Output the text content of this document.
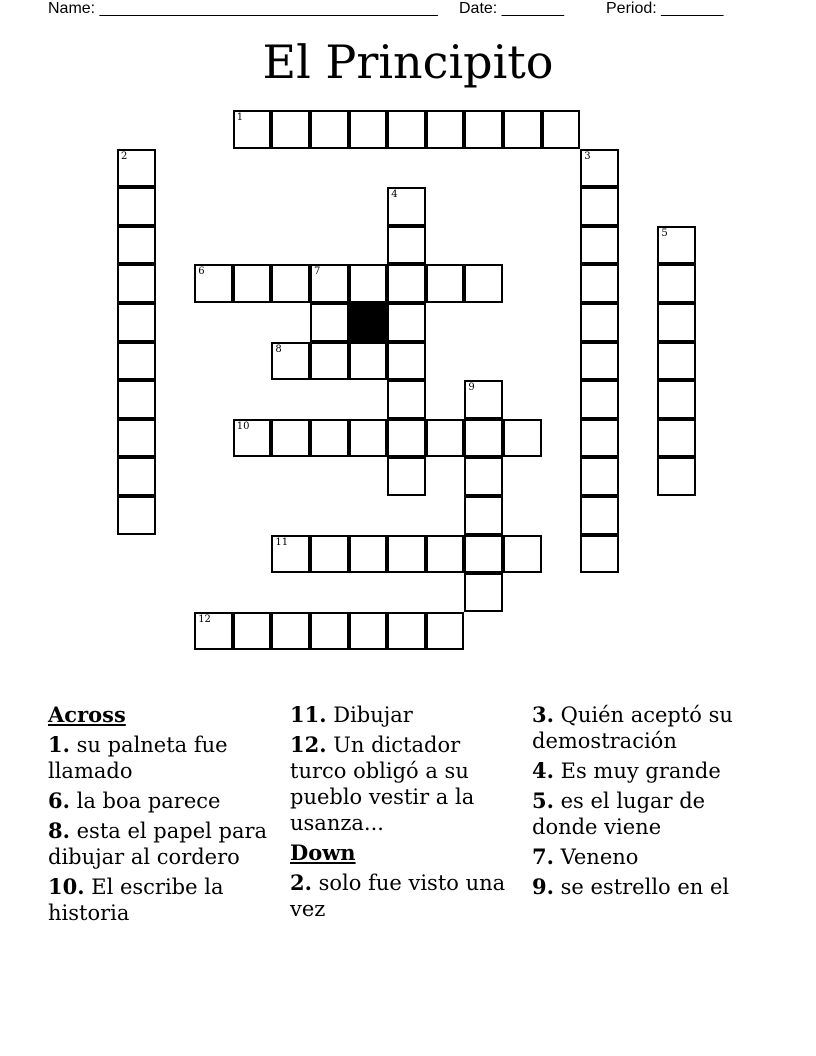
Name: ______________________________________ Date: _______	Period: _______
El Principito
1
2	3
4
5
6	7
8
9
10
11
12
Across
1. su palneta fue llamado
6. la boa parece
8. esta el papel para dibujar al cordero
10. El escribe la historia
11. Dibujar
12. Un dictador turco obligó a su pueblo vestir a la usanza...
Down
2. solo fue visto una vez
3. Quién aceptó su demostración
4. Es muy grande
5. es el lugar de donde viene
7. Veneno
9. se estrello en el
